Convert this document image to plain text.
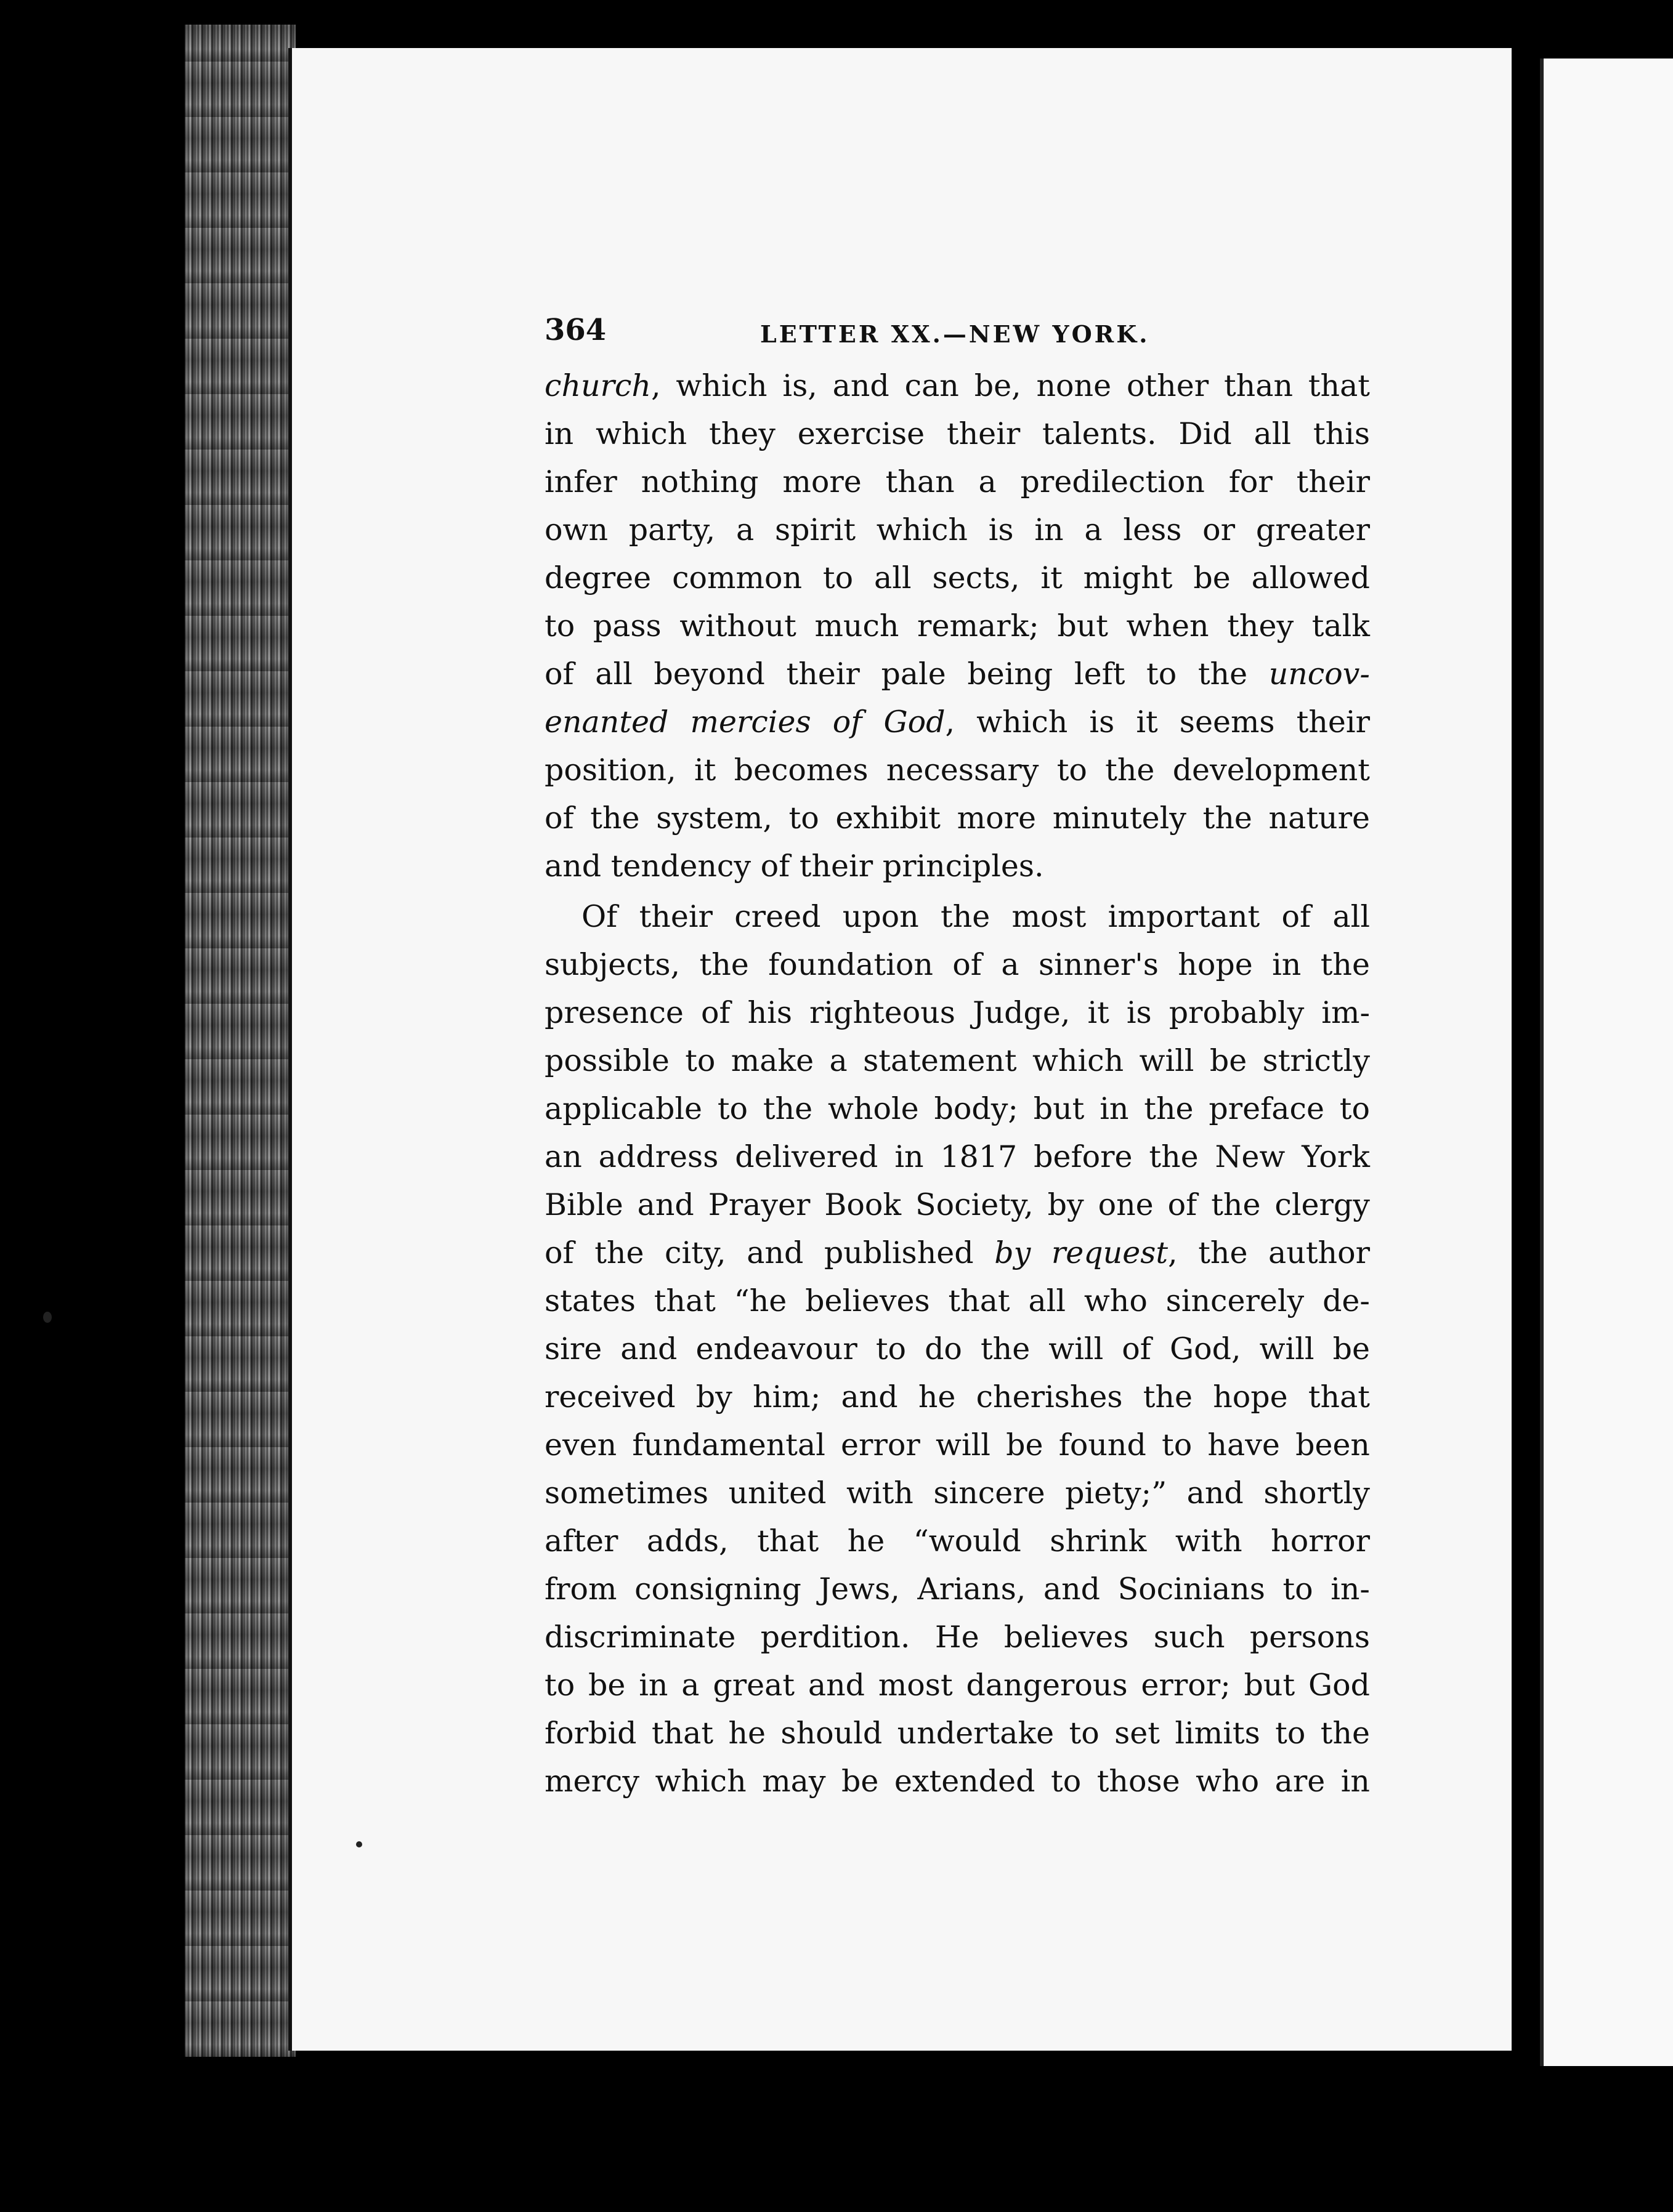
364	LETTER XX.—NEW YORK.
church, which is, and can be, none other than that
in which they exercise their talents. Did all this
infer nothing more than a predilection for their
own party, a spirit which is in a less or greater
degree common to all sects, it might be allowed
to pass without much remark; but when they talk
of all beyond their pale being left to the uncov-
enanted mercies of God, which is it seems their
position, it becomes necessary to the development
of the system, to exhibit more minutely the nature
and tendency of their principles.
Of their creed upon the most important of all
subjects, the foundation of a sinner's hope in the
presence of his righteous Judge, it is probably im-
possible to make a statement which will be strictly
applicable to the whole body; but in the preface to
an address delivered in 1817 before the New York
Bible and Prayer Book Society, by one of the clergy
of the city, and published by request, the author
states that “he believes that all who sincerely de-
sire and endeavour to do the will of God, will be
received by him; and he cherishes the hope that
even fundamental error will be found to have been
sometimes united with sincere piety;” and shortly
after adds, that he “would shrink with horror
from consigning Jews, Arians, and Socinians to in-
discriminate perdition. He believes such persons
to be in a great and most dangerous error; but God
forbid that he should undertake to set limits to the
mercy which may be extended to those who are in
